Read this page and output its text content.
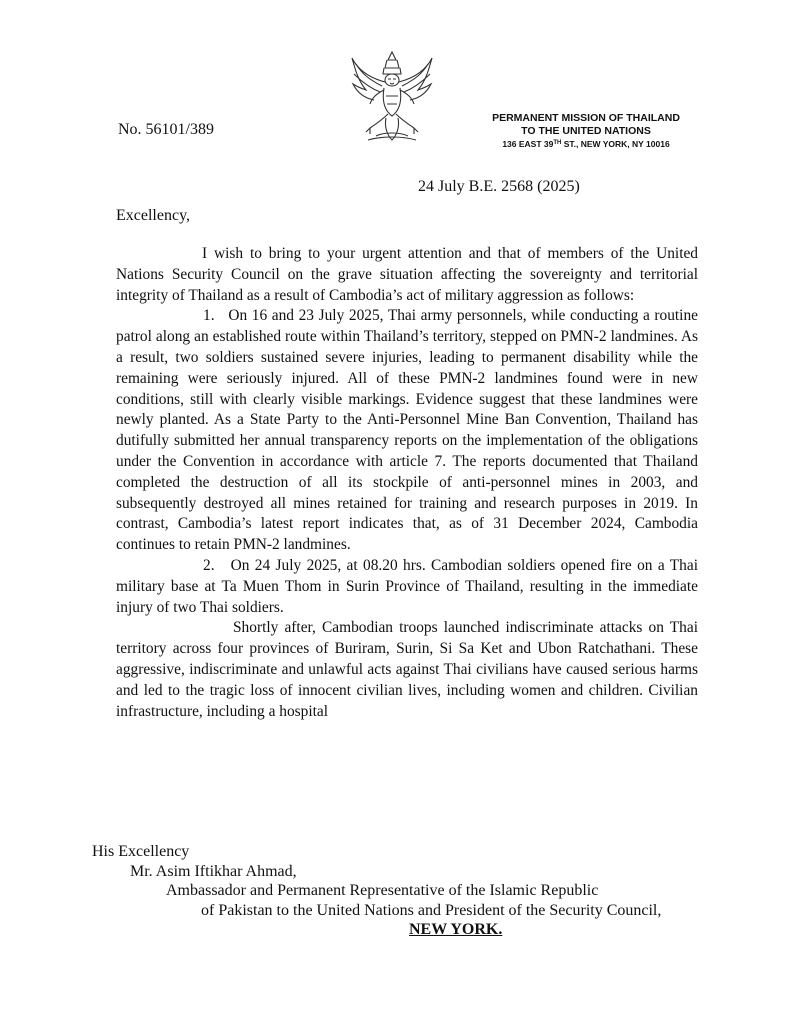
No. 56101/389
PERMANENT MISSION OF THAILAND
TO THE UNITED NATIONS
136 EAST 39TH ST., NEW YORK, NY 10016
24 July B.E. 2568 (2025)
Excellency,

I wish to bring to your urgent attention and that of members of the United Nations Security Council on the grave situation affecting the sovereignty and territorial integrity of Thailand as a result of Cambodia’s act of military aggression as follows:

1.   On 16 and 23 July 2025, Thai army personnels, while conducting a routine patrol along an established route within Thailand’s territory, stepped on PMN-2 landmines. As a result, two soldiers sustained severe injuries, leading to permanent disability while the remaining were seriously injured. All of these PMN-2 landmines found were in new conditions, still with clearly visible markings. Evidence suggest that these landmines were newly planted. As a State Party to the Anti-Personnel Mine Ban Convention, Thailand has dutifully submitted her annual transparency reports on the implementation of the obligations under the Convention in accordance with article 7. The reports documented that Thailand completed the destruction of all its stockpile of anti-personnel mines in 2003, and subsequently destroyed all mines retained for training and research purposes in 2019. In contrast, Cambodia’s latest report indicates that, as of 31 December 2024, Cambodia continues to retain PMN-2 landmines.

2.   On 24 July 2025, at 08.20 hrs. Cambodian soldiers opened fire on a Thai military base at Ta Muen Thom in Surin Province of Thailand, resulting in the immediate injury of two Thai soldiers.

Shortly after, Cambodian troops launched indiscriminate attacks on Thai territory across four provinces of Buriram, Surin, Si Sa Ket and Ubon Ratchathani. These aggressive, indiscriminate and unlawful acts against Thai civilians have caused serious harms and led to the tragic loss of innocent civilian lives, including women and children. Civilian infrastructure, including a hospital

His Excellency
Mr. Asim Iftikhar Ahmad,
Ambassador and Permanent Representative of the Islamic Republic
of Pakistan to the United Nations and President of the Security Council,
NEW YORK.
